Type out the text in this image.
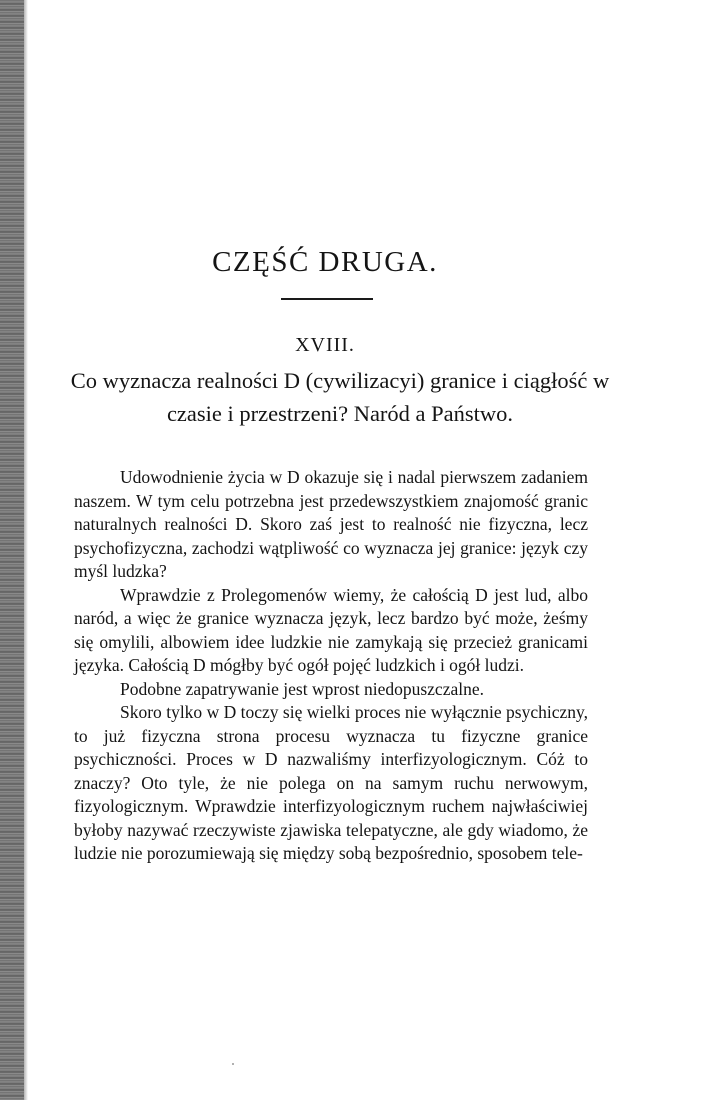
CZĘŚĆ DRUGA.
XVIII.
Co wyznacza realności D (cywilizacyi) granice i ciągłość w czasie i przestrzeni? Naród a Państwo.

Udowodnienie życia w D okazuje się i nadal pierwszem zadaniem naszem. W tym celu potrzebna jest przedewszystkiem znajomość granic naturalnych realności D. Skoro zaś jest to realność nie fizyczna, lecz psychofizyczna, zachodzi wątpliwość co wyznacza jej granice: język czy myśl ludzka?

Wprawdzie z Prolegomenów wiemy, że całością D jest lud, albo naród, a więc że granice wyznacza język, lecz bardzo być może, żeśmy się omylili, albowiem idee ludzkie nie zamykają się przecież granicami języka. Całością D mógłby być ogół pojęć ludzkich i ogół ludzi.

Podobne zapatrywanie jest wprost niedopuszczalne.

Skoro tylko w D toczy się wielki proces nie wyłącznie psychiczny, to już fizyczna strona procesu wyznacza tu fizyczne granice psychiczności. Proces w D nazwaliśmy interfizyologicznym. Cóż to znaczy? Oto tyle, że nie polega on na samym ruchu nerwowym, fizyologicznym. Wprawdzie interfizyologicznym ruchem najwłaściwiej byłoby nazywać rzeczywiste zjawiska telepatyczne, ale gdy wiadomo, że ludzie nie porozumiewają się między sobą bezpośrednio, sposobem tele-
